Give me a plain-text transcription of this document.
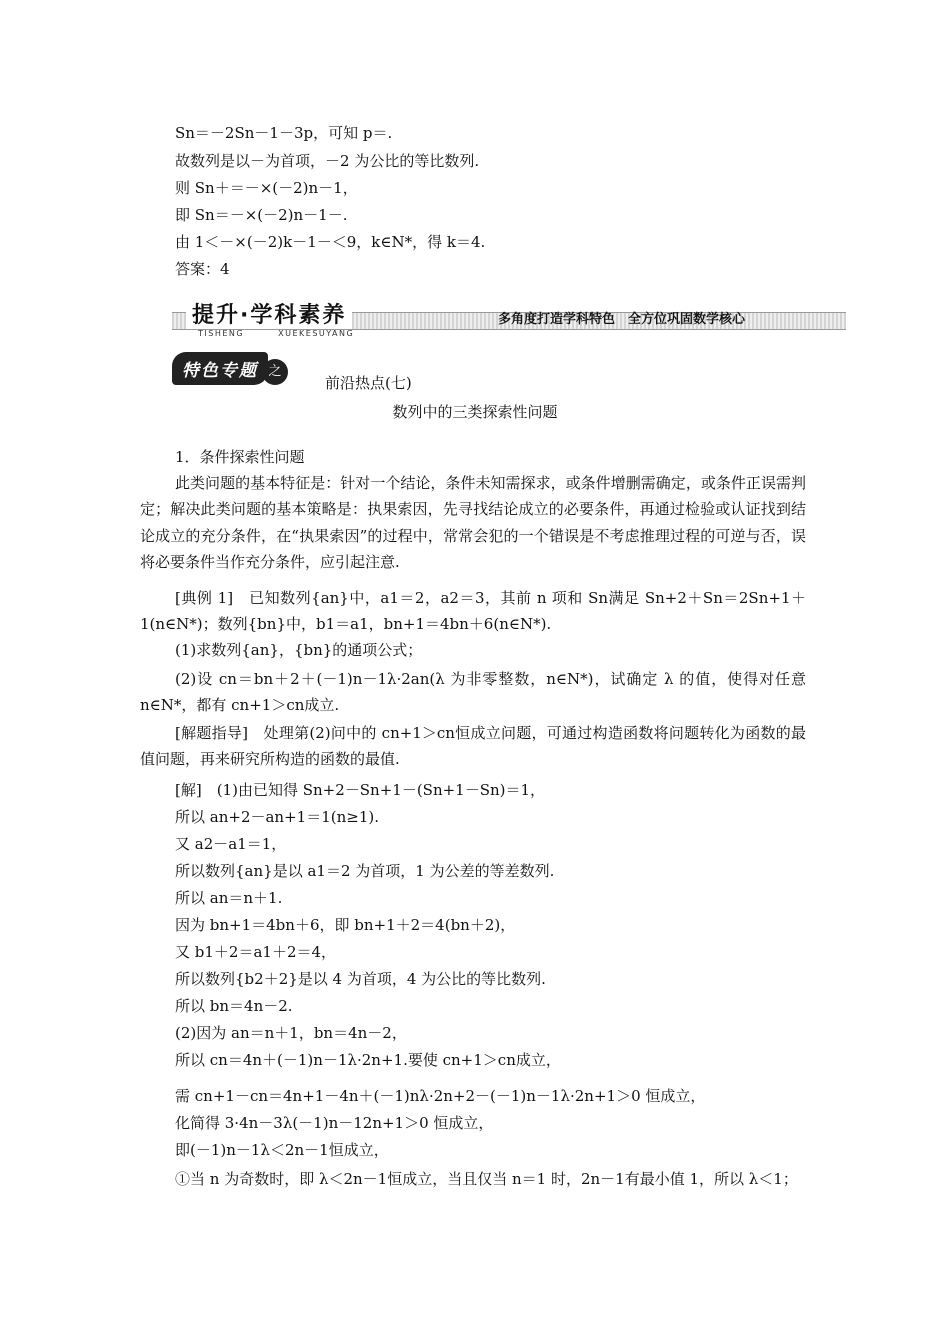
Sn＝－2Sn－1－3p，可知 p＝.
故数列是以－为首项，－2 为公比的等比数列.
则 Sn＋＝－×(－2)n－1，
即 Sn＝－×(－2)n－1－.
由 1＜－×(－2)k－1－＜9，k∈N*，得 k＝4.
答案：4
提升·学科素养
TISHENG	XUEKESUYANG
多角度打造学科特色　全方位巩固数学核心
特色专题 之
前沿热点(七)
数列中的三类探索性问题
1．条件探索性问题

此类问题的基本特征是：针对一个结论，条件未知需探求，或条件增删需确定，或条件正误需判定；解决此类问题的基本策略是：执果索因，先寻找结论成立的必要条件，再通过检验或认证找到结论成立的充分条件，在“执果索因”的过程中，常常会犯的一个错误是不考虑推理过程的可逆与否，误将必要条件当作充分条件，应引起注意.

[典例 1]　已知数列{an}中，a1＝2，a2＝3，其前 n 项和 Sn满足 Sn+2＋Sn＝2Sn+1＋1(n∈N*)；数列{bn}中，b1＝a1，bn+1＝4bn＋6(n∈N*).

(1)求数列{an}，{bn}的通项公式；

(2)设 cn＝bn＋2＋(－1)n－1λ·2an(λ 为非零整数，n∈N*)，试确定 λ 的值，使得对任意 n∈N*，都有 cn+1＞cn成立.

[解题指导]　处理第(2)问中的 cn+1＞cn恒成立问题，可通过构造函数将问题转化为函数的最值问题，再来研究所构造的函数的最值.

[解]　(1)由已知得 Sn+2－Sn+1－(Sn+1－Sn)＝1，
所以 an+2－an+1＝1(n≥1).
又 a2－a1＝1，
所以数列{an}是以 a1＝2 为首项，1 为公差的等差数列.
所以 an＝n＋1.
因为 bn+1＝4bn＋6，即 bn+1＋2＝4(bn＋2)，
又 b1＋2＝a1＋2＝4，
所以数列{b2＋2}是以 4 为首项，4 为公比的等比数列.
所以 bn＝4n－2.
(2)因为 an＝n＋1，bn＝4n－2，
所以 cn＝4n＋(－1)n－1λ·2n+1.要使 cn+1＞cn成立，
需 cn+1－cn＝4n+1－4n＋(－1)nλ·2n+2－(－1)n－1λ·2n+1＞0 恒成立，
化简得 3·4n－3λ(－1)n－12n+1＞0 恒成立，
即(－1)n－1λ＜2n－1恒成立，

①当 n 为奇数时，即 λ＜2n－1恒成立，当且仅当 n＝1 时，2n－1有最小值 1，所以 λ＜1；
